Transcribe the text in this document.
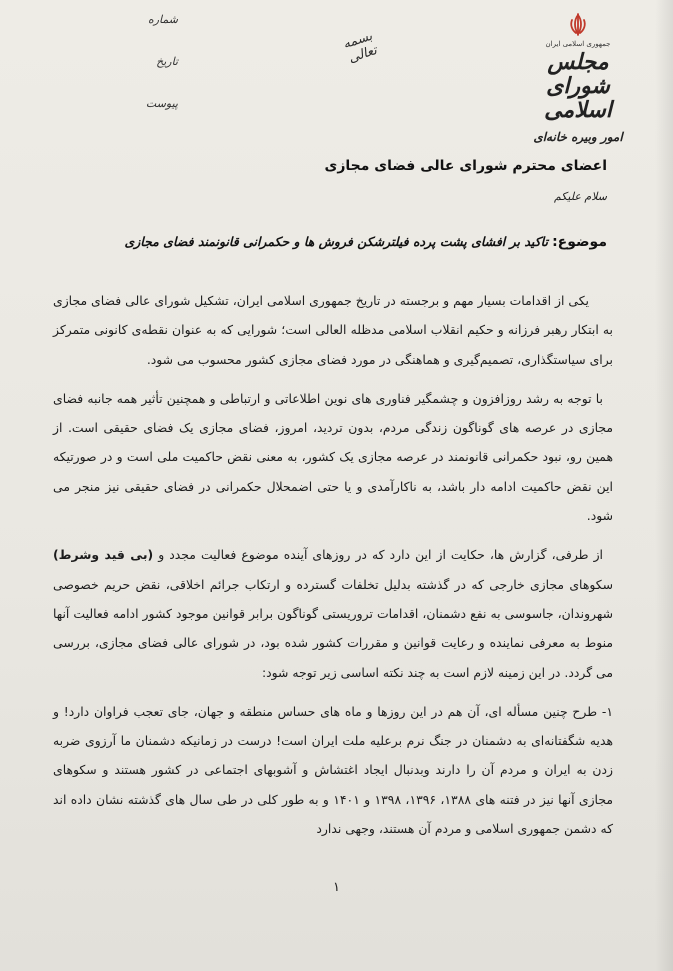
شماره
تاریخ
پیوست
بسمه تعالی	جمهوری اسلامی ایران
مجلس شورای اسلامی
امور وبیره خانه‌ای
اعضای محترم شورای عالی فضای مجازی
سلام علیکم
موضوع: تاکید بر افشای پشت پرده فیلترشکن فروش ها و حکمرانی قانونمند فضای مجازی

یکی از اقدامات بسیار مهم و برجسته در تاریخ جمهوری اسلامی ایران، تشکیل شورای عالی فضای مجازی به ابتکار رهبر فرزانه و حکیم انقلاب اسلامی مدظله العالی است؛ شورایی که به عنوان نقطه‌ی کانونی متمرکز برای سیاستگذاری، تصمیم‌گیری و هماهنگی در مورد فضای مجازی کشور محسوب می شود.

با توجه به رشد روزافزون و چشمگیر فناوری های نوین اطلاعاتی و ارتباطی و همچنین تأثیر همه جانبه فضای مجازی در عرصه های گوناگون زندگی مردم، بدون تردید، امروز، فضای مجازی یک فضای حقیقی است. از همین رو، نبود حکمرانی قانونمند در عرصه مجازی یک کشور، به معنی نقض حاکمیت ملی است و در صورتیکه این نقض حاکمیت ادامه دار باشد، به ناکارآمدی و یا حتی اضمحلال حکمرانی در فضای حقیقی نیز منجر می شود.

از طرفی، گزارش ها، حکایت از این دارد که در روزهای آینده موضوع فعالیت مجدد و (بی قید وشرط) سکوهای مجازی خارجی که در گذشته بدلیل تخلفات گسترده و ارتکاب جرائم اخلاقی، نقض حریم خصوصی شهروندان، جاسوسی به نفع دشمنان، اقدامات تروریستی گوناگون برابر قوانین موجود کشور ادامه فعالیت آنها منوط به معرفی نماینده و رعایت قوانین و مقررات کشور شده بود، در شورای عالی فضای مجازی، بررسی می گردد. در این زمینه لازم است به چند نکته اساسی زیر توجه شود:

۱- طرح چنین مسأله ای، آن هم در این روزها و ماه های حساس منطقه و جهان، جای تعجب فراوان دارد! و هدیه شگفتانه‌ای به دشمنان در جنگ نرم برعلیه ملت ایران است! درست در زمانیکه دشمنان ما آرزوی ضربه زدن به ایران و مردم آن را دارند وبدنبال ایجاد اغتشاش و آشوبهای اجتماعی در کشور هستند و سکوهای مجازی آنها نیز در فتنه های ۱۳۸۸، ۱۳۹۶، ۱۳۹۸ و ۱۴۰۱ و به طور کلی در طی سال های گذشته نشان داده اند که دشمن جمهوری اسلامی و مردم آن هستند، وجهی ندارد

۱
